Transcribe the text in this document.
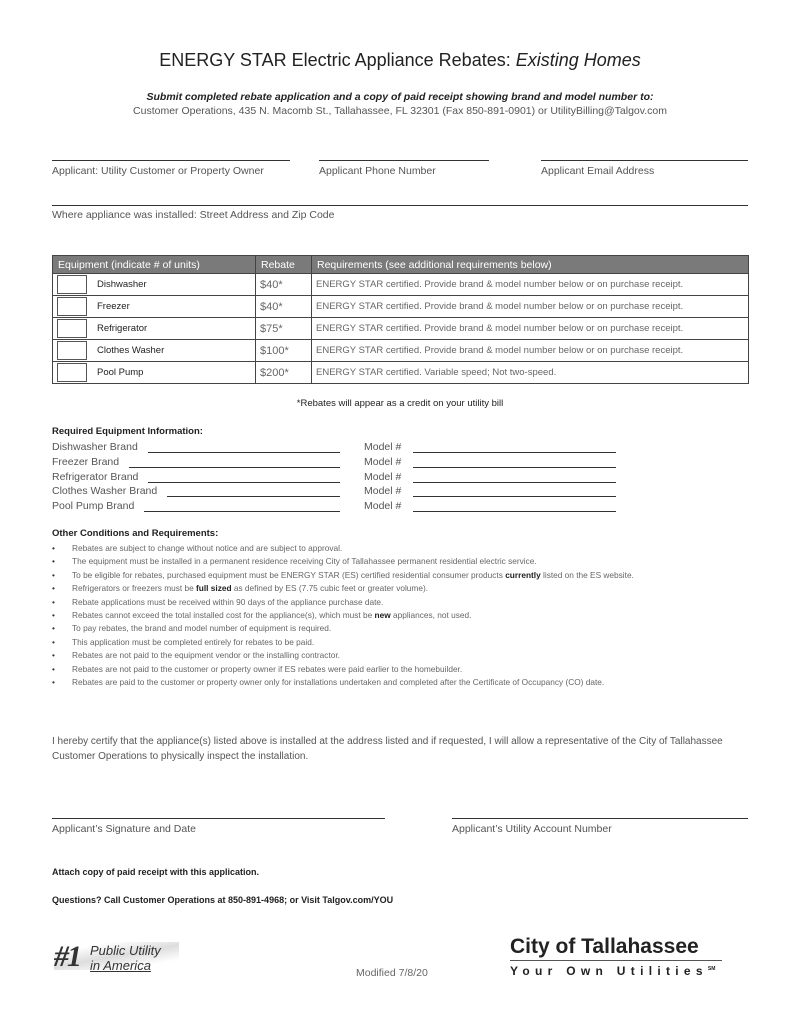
ENERGY STAR Electric Appliance Rebates: Existing Homes
Submit completed rebate application and a copy of paid receipt showing brand and model number to:
Customer Operations, 435 N. Macomb St., Tallahassee, FL 32301 (Fax 850-891-0901) or UtilityBilling@Talgov.com
Applicant: Utility Customer or Property Owner	Applicant Phone Number	Applicant Email Address
Where appliance was installed: Street Address and Zip Code
Equipment (indicate # of units)	Rebate	Requirements (see additional requirements below)
Dishwasher	$40*	ENERGY STAR certified. Provide brand & model number below or on purchase receipt.
Freezer	$40*	ENERGY STAR certified. Provide brand & model number below or on purchase receipt.
Refrigerator	$75*	ENERGY STAR certified. Provide brand & model number below or on purchase receipt.
Clothes Washer	$100*	ENERGY STAR certified. Provide brand & model number below or on purchase receipt.
Pool Pump	$200*	ENERGY STAR certified. Variable speed; Not two-speed.
*Rebates will appear as a credit on your utility bill
Required Equipment Information:
Dishwasher Brand	Model #
Freezer Brand	Model #
Refrigerator Brand	Model #
Clothes Washer Brand	Model #
Pool Pump Brand	Model #
Other Conditions and Requirements:
• Rebates are subject to change without notice and are subject to approval.
• The equipment must be installed in a permanent residence receiving City of Tallahassee permanent residential electric service.
• To be eligible for rebates, purchased equipment must be ENERGY STAR (ES) certified residential consumer products currently listed on the ES website.
• Refrigerators or freezers must be full sized as defined by ES (7.75 cubic feet or greater volume).
• Rebate applications must be received within 90 days of the appliance purchase date.
• Rebates cannot exceed the total installed cost for the appliance(s), which must be new appliances, not used.
• To pay rebates, the brand and model number of equipment is required.
• This application must be completed entirely for rebates to be paid.
• Rebates are not paid to the equipment vendor or the installing contractor.
• Rebates are not paid to the customer or property owner if ES rebates were paid earlier to the homebuilder.
• Rebates are paid to the customer or property owner only for installations undertaken and completed after the Certificate of Occupancy (CO) date.
I hereby certify that the appliance(s) listed above is installed at the address listed and if requested, I will allow a representative of the City of Tallahassee Customer Operations to physically inspect the installation.
Applicant’s Signature and Date	Applicant’s Utility Account Number
Attach copy of paid receipt with this application.
Questions? Call Customer Operations at 850-891-4968; or Visit Talgov.com/YOU
#1 Public Utility
in America	Modified 7/8/20
City of Tallahassee
Your Own Utilities℠
